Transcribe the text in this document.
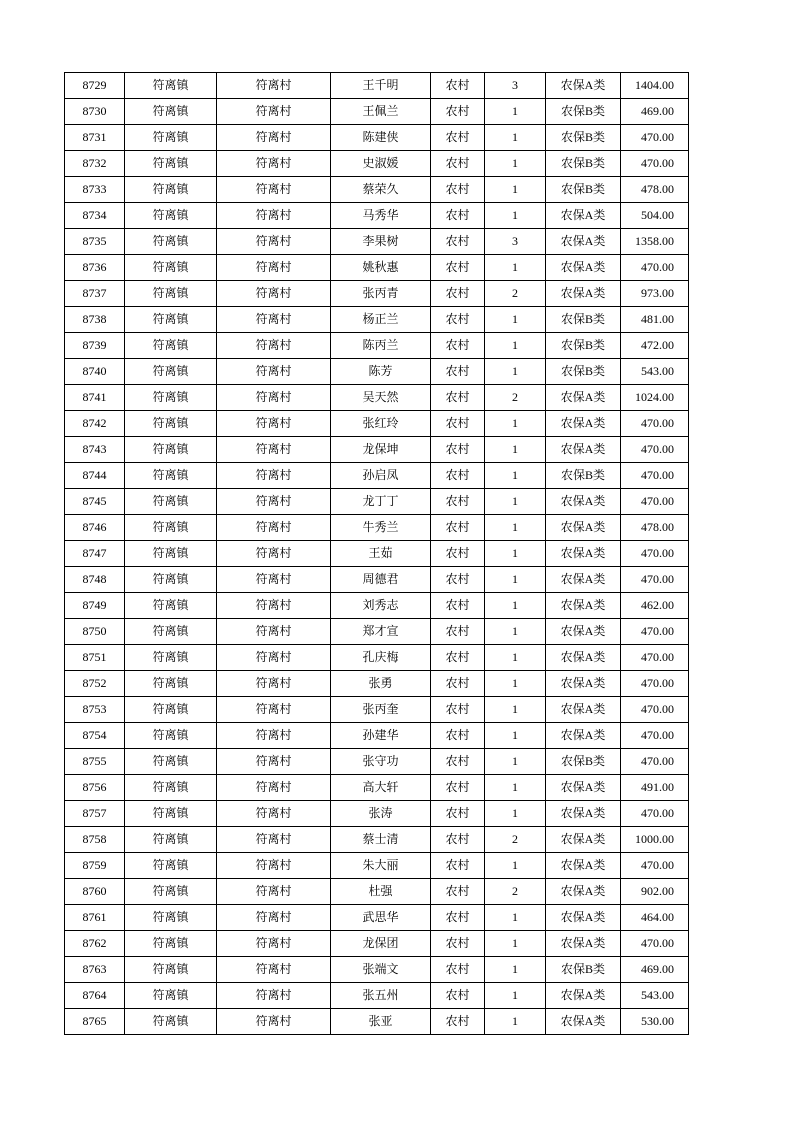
8729	符离镇	符离村	王千明	农村	3	农保A类	1404.00
8730	符离镇	符离村	王佩兰	农村	1	农保B类	469.00
8731	符离镇	符离村	陈建侠	农村	1	农保B类	470.00
8732	符离镇	符离村	史淑媛	农村	1	农保B类	470.00
8733	符离镇	符离村	蔡荣久	农村	1	农保B类	478.00
8734	符离镇	符离村	马秀华	农村	1	农保A类	504.00
8735	符离镇	符离村	李果树	农村	3	农保A类	1358.00
8736	符离镇	符离村	姚秋惠	农村	1	农保A类	470.00
8737	符离镇	符离村	张丙青	农村	2	农保A类	973.00
8738	符离镇	符离村	杨正兰	农村	1	农保B类	481.00
8739	符离镇	符离村	陈丙兰	农村	1	农保B类	472.00
8740	符离镇	符离村	陈芳	农村	1	农保B类	543.00
8741	符离镇	符离村	吴天然	农村	2	农保A类	1024.00
8742	符离镇	符离村	张红玲	农村	1	农保A类	470.00
8743	符离镇	符离村	龙保坤	农村	1	农保A类	470.00
8744	符离镇	符离村	孙启凤	农村	1	农保B类	470.00
8745	符离镇	符离村	龙丁丁	农村	1	农保A类	470.00
8746	符离镇	符离村	牛秀兰	农村	1	农保A类	478.00
8747	符离镇	符离村	王茹	农村	1	农保A类	470.00
8748	符离镇	符离村	周德君	农村	1	农保A类	470.00
8749	符离镇	符离村	刘秀志	农村	1	农保A类	462.00
8750	符离镇	符离村	郑才宣	农村	1	农保A类	470.00
8751	符离镇	符离村	孔庆梅	农村	1	农保A类	470.00
8752	符离镇	符离村	张勇	农村	1	农保A类	470.00
8753	符离镇	符离村	张丙奎	农村	1	农保A类	470.00
8754	符离镇	符离村	孙建华	农村	1	农保A类	470.00
8755	符离镇	符离村	张守功	农村	1	农保B类	470.00
8756	符离镇	符离村	高大轩	农村	1	农保A类	491.00
8757	符离镇	符离村	张涛	农村	1	农保A类	470.00
8758	符离镇	符离村	蔡士清	农村	2	农保A类	1000.00
8759	符离镇	符离村	朱大丽	农村	1	农保A类	470.00
8760	符离镇	符离村	杜强	农村	2	农保A类	902.00
8761	符离镇	符离村	武思华	农村	1	农保A类	464.00
8762	符离镇	符离村	龙保团	农村	1	农保A类	470.00
8763	符离镇	符离村	张端文	农村	1	农保B类	469.00
8764	符离镇	符离村	张五州	农村	1	农保A类	543.00
8765	符离镇	符离村	张亚	农村	1	农保A类	530.00
